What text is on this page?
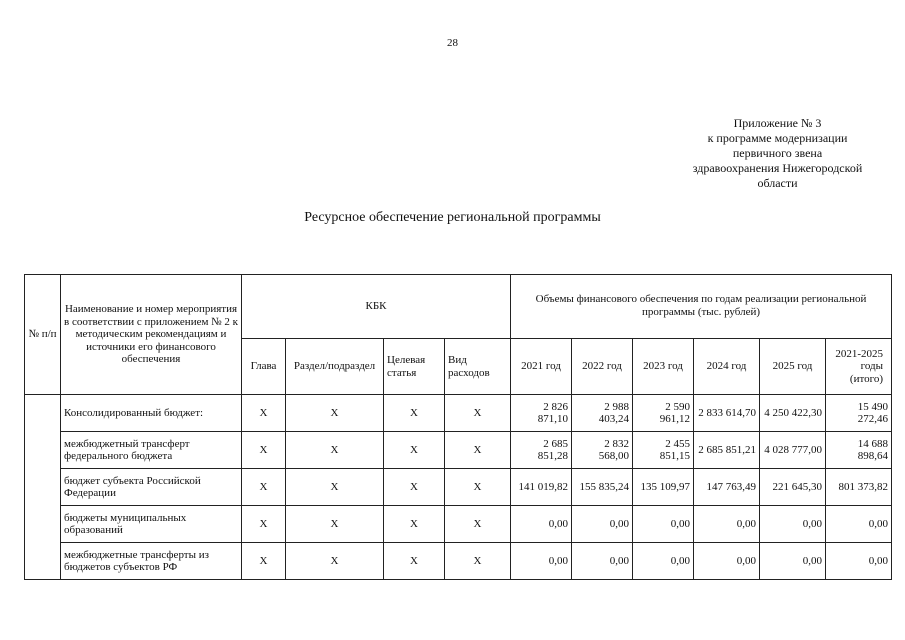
28
Приложение № 3
к программе модернизации
первичного звена
здравоохранения Нижегородской
области
Ресурсное обеспечение региональной программы
№ п/п	Наименование и номер мероприятия в соответствии с приложением № 2 к методическим рекомендациям и источники его финансового обеспечения	КБК				Объемы финансового обеспечения по годам реализации региональной программы (тыс. рублей)					
		Глава	Раздел/подраздел	Целевая статья	Вид расходов	2021 год	2022 год	2023 год	2024 год	2025 год	2021-2025 годы (итого)
	Консолидированный бюджет:	X	X	X	X	2 826 871,10	2 988 403,24	2 590 961,12	2 833 614,70	4 250 422,30	15 490 272,46
	межбюджетный трансферт федерального бюджета	X	X	X	X	2 685 851,28	2 832 568,00	2 455 851,15	2 685 851,21	4 028 777,00	14 688 898,64
	бюджет субъекта Российской Федерации	X	X	X	X	141 019,82	155 835,24	135 109,97	147 763,49	221 645,30	801 373,82
	бюджеты муниципальных образований	X	X	X	X	0,00	0,00	0,00	0,00	0,00	0,00
	межбюджетные трансферты из бюджетов субъектов РФ	X	X	X	X	0,00	0,00	0,00	0,00	0,00	0,00
